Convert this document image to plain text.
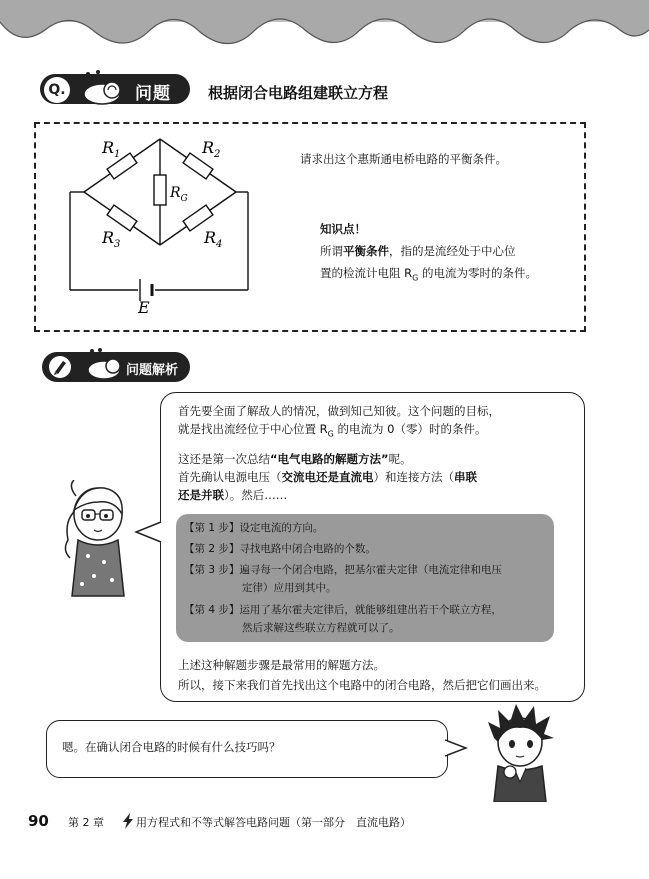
Q.	问题 根据闭合电路组建联立方程
$R_1$	$R_2$
$R_G$
$R_3$	$R_4$
E
请求出这个惠斯通电桥电路的平衡条件。
知识点！
所谓平衡条件，指的是流经处于中心位
置的检流计电阻 $R_G$ 的电流为零时的条件。
问题解析
首先要全面了解敌人的情况，做到知己知彼。这个问题的目标，
就是找出流经位于中心位置 $R_G$ 的电流为 0（零）时的条件。
这还是第一次总结“电气电路的解题方法”呢。
首先确认电源电压（交流电还是直流电）和连接方法（串联
还是并联）。然后……
【第 1 步】设定电流的方向。
【第 2 步】寻找电路中闭合电路的个数。
【第 3 步】遍寻每一个闭合电路，把基尔霍夫定律（电流定律和电压
定律）应用到其中。
【第 4 步】运用了基尔霍夫定律后，就能够组建出若干个联立方程，
然后求解这些联立方程就可以了。
上述这种解题步骤是最常用的解题方法。
所以，接下来我们首先找出这个电路中的闭合电路，然后把它们画出来。
嗯。在确认闭合电路的时候有什么技巧吗？
90 第 2 章	用方程式和不等式解答电路问题（第一部分　直流电路）
